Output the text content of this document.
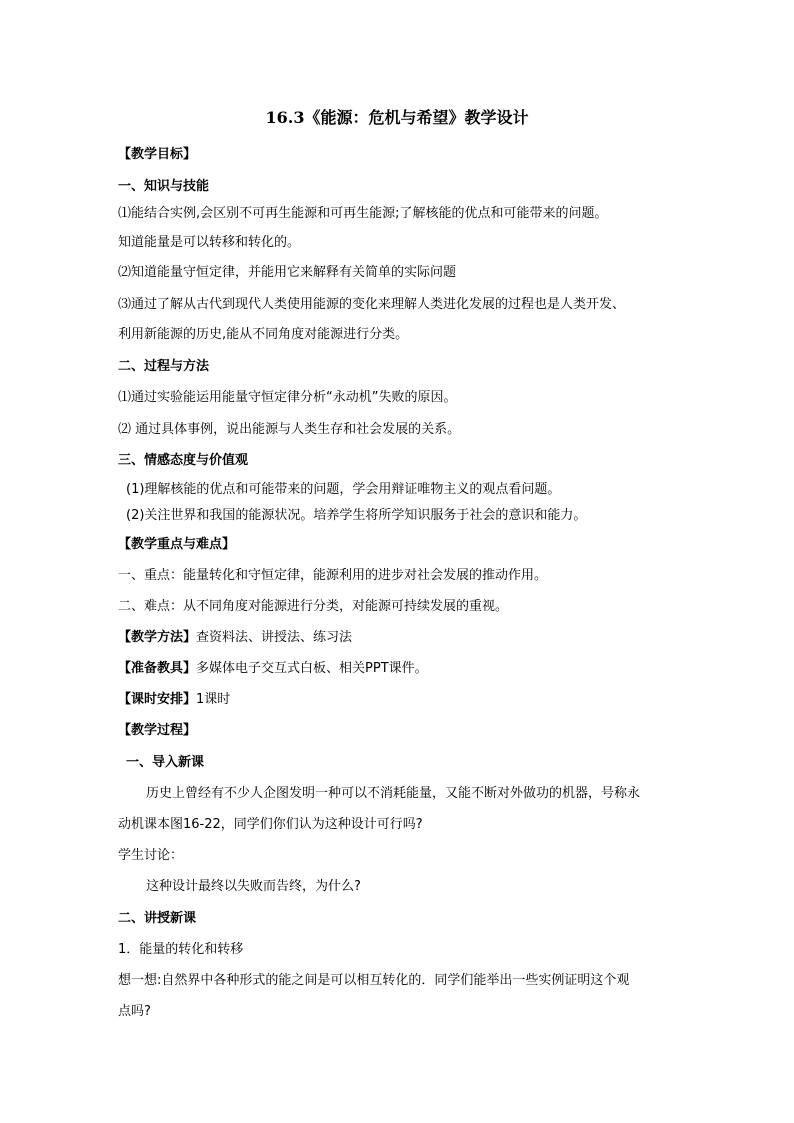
16.3《能源：危机与希望》教学设计
【教学目标】
一、知识与技能
⑴能结合实例,会区别不可再生能源和可再生能源;了解核能的优点和可能带来的问题。
知道能量是可以转移和转化的。
⑵知道能量守恒定律，并能用它来解释有关简单的实际问题
⑶通过了解从古代到现代人类使用能源的变化来理解人类进化发展的过程也是人类开发、
利用新能源的历史,能从不同角度对能源进行分类。
二、过程与方法
⑴通过实验能运用能量守恒定律分析“永动机”失败的原因。
⑵ 通过具体事例，说出能源与人类生存和社会发展的关系。
三、情感态度与价值观
(1)理解核能的优点和可能带来的问题，学会用辩证唯物主义的观点看问题。
(2)关注世界和我国的能源状况。培养学生将所学知识服务于社会的意识和能力。
【教学重点与难点】
一、重点：能量转化和守恒定律，能源利用的进步对社会发展的推动作用。
二、难点：从不同角度对能源进行分类，对能源可持续发展的重视。
【教学方法】查资料法、讲授法、练习法
【准备教具】多媒体电子交互式白板、相关PPT课件。
【课时安排】1课时
【教学过程】
一、导入新课
历史上曾经有不少人企图发明一种可以不消耗能量，又能不断对外做功的机器，号称永
动机课本图16-22，同学们你们认为这种设计可行吗?
学生讨论：
这种设计最终以失败而告终，为什么?
二、讲授新课
1．能量的转化和转移
想一想:自然界中各种形式的能之间是可以相互转化的．同学们能举出一些实例证明这个观
点吗?
